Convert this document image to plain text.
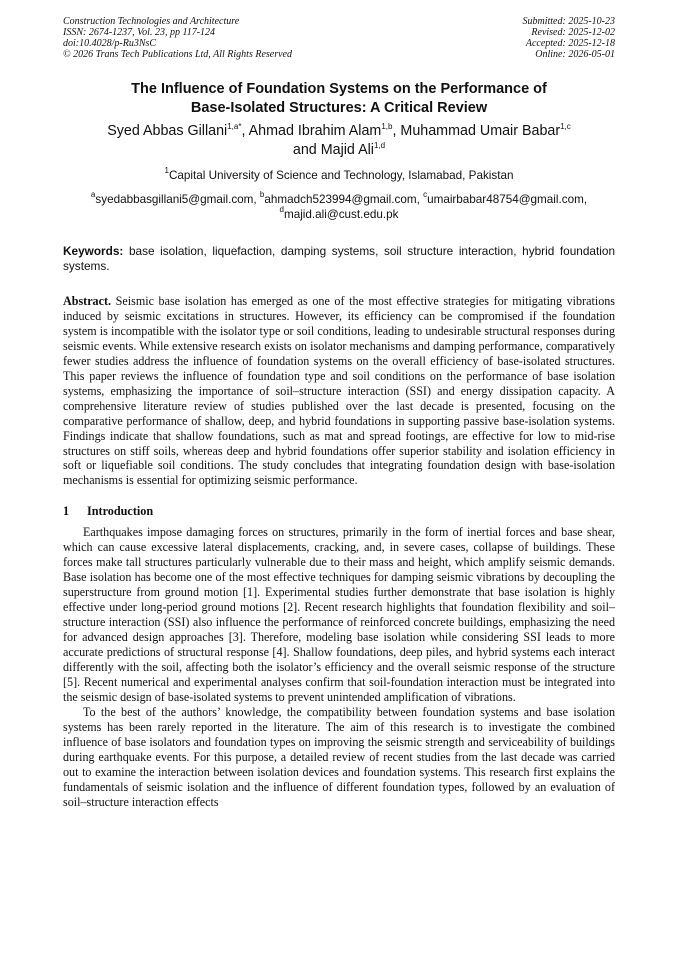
Construction Technologies and Architecture
ISSN: 2674-1237, Vol. 23, pp 117-124
doi:10.4028/p-Ru3NsC
© 2026 Trans Tech Publications Ltd, All Rights Reserved
Submitted: 2025-10-23
Revised: 2025-12-02
Accepted: 2025-12-18
Online: 2026-05-01
The Influence of Foundation Systems on the Performance of
Base-Isolated Structures: A Critical Review
Syed Abbas Gillani$^{1,a*}$, Ahmad Ibrahim Alam$^{1,b}$, Muhammad Umair Babar$^{1,c}$
and Majid Ali$^{1,d}$
$^1$Capital University of Science and Technology, Islamabad, Pakistan
$^a$syedabbasgillani5@gmail.com, $^b$ahmadch523994@gmail.com, $^c$umairbabar48754@gmail.com,
$^d$majid.ali@cust.edu.pk
Keywords: base isolation, liquefaction, damping systems, soil structure interaction, hybrid foundation systems.
Abstract. Seismic base isolation has emerged as one of the most effective strategies for mitigating vibrations induced by seismic excitations in structures. However, its efficiency can be compromised if the foundation system is incompatible with the isolator type or soil conditions, leading to undesirable structural responses during seismic events. While extensive research exists on isolator mechanisms and damping performance, comparatively fewer studies address the influence of foundation systems on the overall efficiency of base-isolated structures. This paper reviews the influence of foundation type and soil conditions on the performance of base isolation systems, emphasizing the importance of soil–structure interaction (SSI) and energy dissipation capacity. A comprehensive literature review of studies published over the last decade is presented, focusing on the comparative performance of shallow, deep, and hybrid foundations in supporting passive base-isolation systems. Findings indicate that shallow foundations, such as mat and spread footings, are effective for low to mid-rise structures on stiff soils, whereas deep and hybrid foundations offer superior stability and isolation efficiency in soft or liquefiable soil conditions. The study concludes that integrating foundation design with base-isolation mechanisms is essential for optimizing seismic performance.
1 Introduction
Earthquakes impose damaging forces on structures, primarily in the form of inertial forces and base shear, which can cause excessive lateral displacements, cracking, and, in severe cases, collapse of buildings. These forces make tall structures particularly vulnerable due to their mass and height, which amplify seismic demands. Base isolation has become one of the most effective techniques for damping seismic vibrations by decoupling the superstructure from ground motion [1]. Experimental studies further demonstrate that base isolation is highly effective under long-period ground motions [2]. Recent research highlights that foundation flexibility and soil–structure interaction (SSI) also influence the performance of reinforced concrete buildings, emphasizing the need for advanced design approaches [3]. Therefore, modeling base isolation while considering SSI leads to more accurate predictions of structural response [4]. Shallow foundations, deep piles, and hybrid systems each interact differently with the soil, affecting both the isolator’s efficiency and the overall seismic response of the structure [5]. Recent numerical and experimental analyses confirm that soil-foundation interaction must be integrated into the seismic design of base-isolated systems to prevent unintended amplification of vibrations.
To the best of the authors’ knowledge, the compatibility between foundation systems and base isolation systems has been rarely reported in the literature. The aim of this research is to investigate the combined influence of base isolators and foundation types on improving the seismic strength and serviceability of buildings during earthquake events. For this purpose, a detailed review of recent studies from the last decade was carried out to examine the interaction between isolation devices and foundation systems. This research first explains the fundamentals of seismic isolation and the influence of different foundation types, followed by an evaluation of soil–structure interaction effects
